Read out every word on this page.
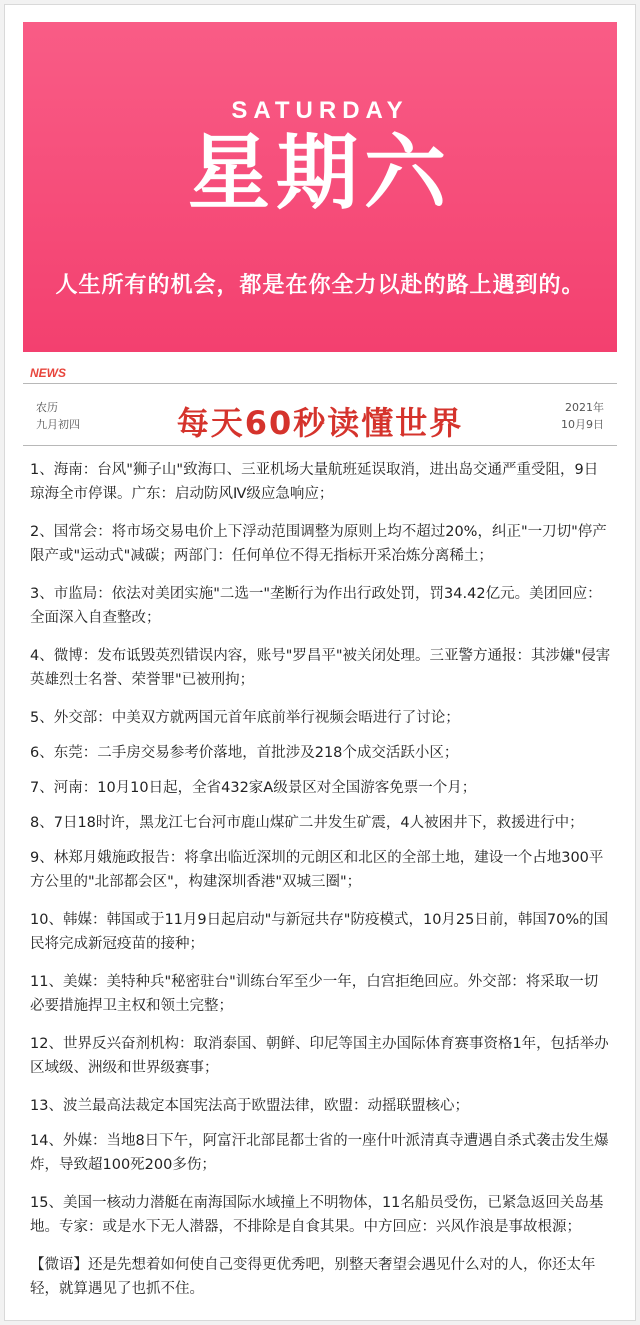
SATURDAY
星期六
人生所有的机会，都是在你全力以赴的路上遇到的。
NEWS
农历
九月初四	每天60秒读懂世界	2021年
10月9日

1、海南：台风"狮子山"致海口、三亚机场大量航班延误取消，进出岛交通严重受阻，9日琼海全市停课。广东：启动防风Ⅳ级应急响应；

2、国常会：将市场交易电价上下浮动范围调整为原则上均不超过20%，纠正"一刀切"停产限产或"运动式"减碳；两部门：任何单位不得无指标开采冶炼分离稀土；

3、市监局：依法对美团实施"二选一"垄断行为作出行政处罚，罚34.42亿元。美团回应：全面深入自查整改；

4、微博：发布诋毁英烈错误内容，账号"罗昌平"被关闭处理。三亚警方通报：其涉嫌"侵害英雄烈士名誉、荣誉罪"已被刑拘；

5、外交部：中美双方就两国元首年底前举行视频会晤进行了讨论；

6、东莞：二手房交易参考价落地，首批涉及218个成交活跃小区；

7、河南：10月10日起，全省432家A级景区对全国游客免票一个月；

8、7日18时许，黑龙江七台河市鹿山煤矿二井发生矿震，4人被困井下，救援进行中；

9、林郑月娥施政报告：将拿出临近深圳的元朗区和北区的全部土地，建设一个占地300平方公里的"北部都会区"，构建深圳香港"双城三圈"；

10、韩媒：韩国或于11月9日起启动"与新冠共存"防疫模式，10月25日前，韩国70%的国民将完成新冠疫苗的接种；

11、美媒：美特种兵"秘密驻台"训练台军至少一年，白宫拒绝回应。外交部：将采取一切必要措施捍卫主权和领土完整；

12、世界反兴奋剂机构：取消泰国、朝鲜、印尼等国主办国际体育赛事资格1年，包括举办区域级、洲级和世界级赛事；

13、波兰最高法裁定本国宪法高于欧盟法律，欧盟：动摇联盟核心；

14、外媒：当地8日下午，阿富汗北部昆都士省的一座什叶派清真寺遭遇自杀式袭击发生爆炸，导致超100死200多伤；

15、美国一核动力潜艇在南海国际水域撞上不明物体，11名船员受伤，已紧急返回关岛基地。专家：或是水下无人潜器，不排除是自食其果。中方回应：兴风作浪是事故根源；

【微语】还是先想着如何使自己变得更优秀吧，别整天奢望会遇见什么对的人，你还太年轻，就算遇见了也抓不住。
